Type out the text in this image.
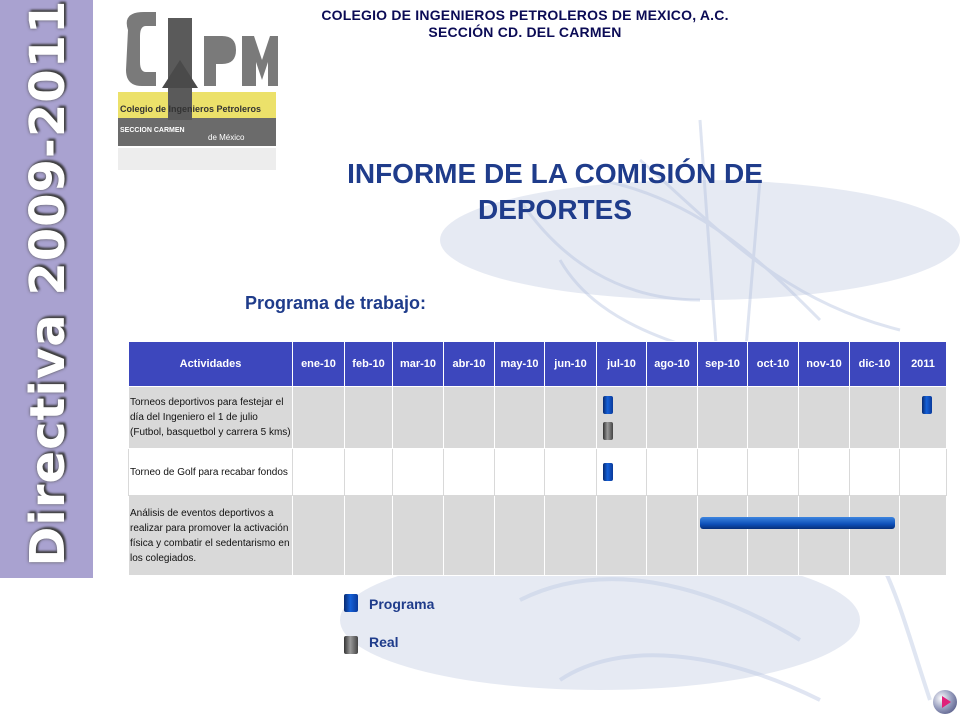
Directiva 2009-2011	Colegio de Ingenieros Petroleros
SECCION CARMEN
de México
COLEGIO DE INGENIEROS PETROLEROS DE MEXICO, A.C.
SECCIÓN CD. DEL CARMEN
INFORME DE LA COMISIÓN DE
DEPORTES
Programa de trabajo:
Actividades	ene-10	feb-10	mar-10	abr-10	may-10	jun-10	jul-10	ago-10	sep-10	oct-10	nov-10	dic-10	2011
Torneos deportivos para festejar el día del Ingeniero el 1 de julio (Futbol, basquetbol y carrera 5 kms)							

Torneo de Golf para recabar fondos							

Análisis de eventos deportivos a realizar para promover la activación física y combatir el sedentarismo en los colegiados.													
Programa
Real
